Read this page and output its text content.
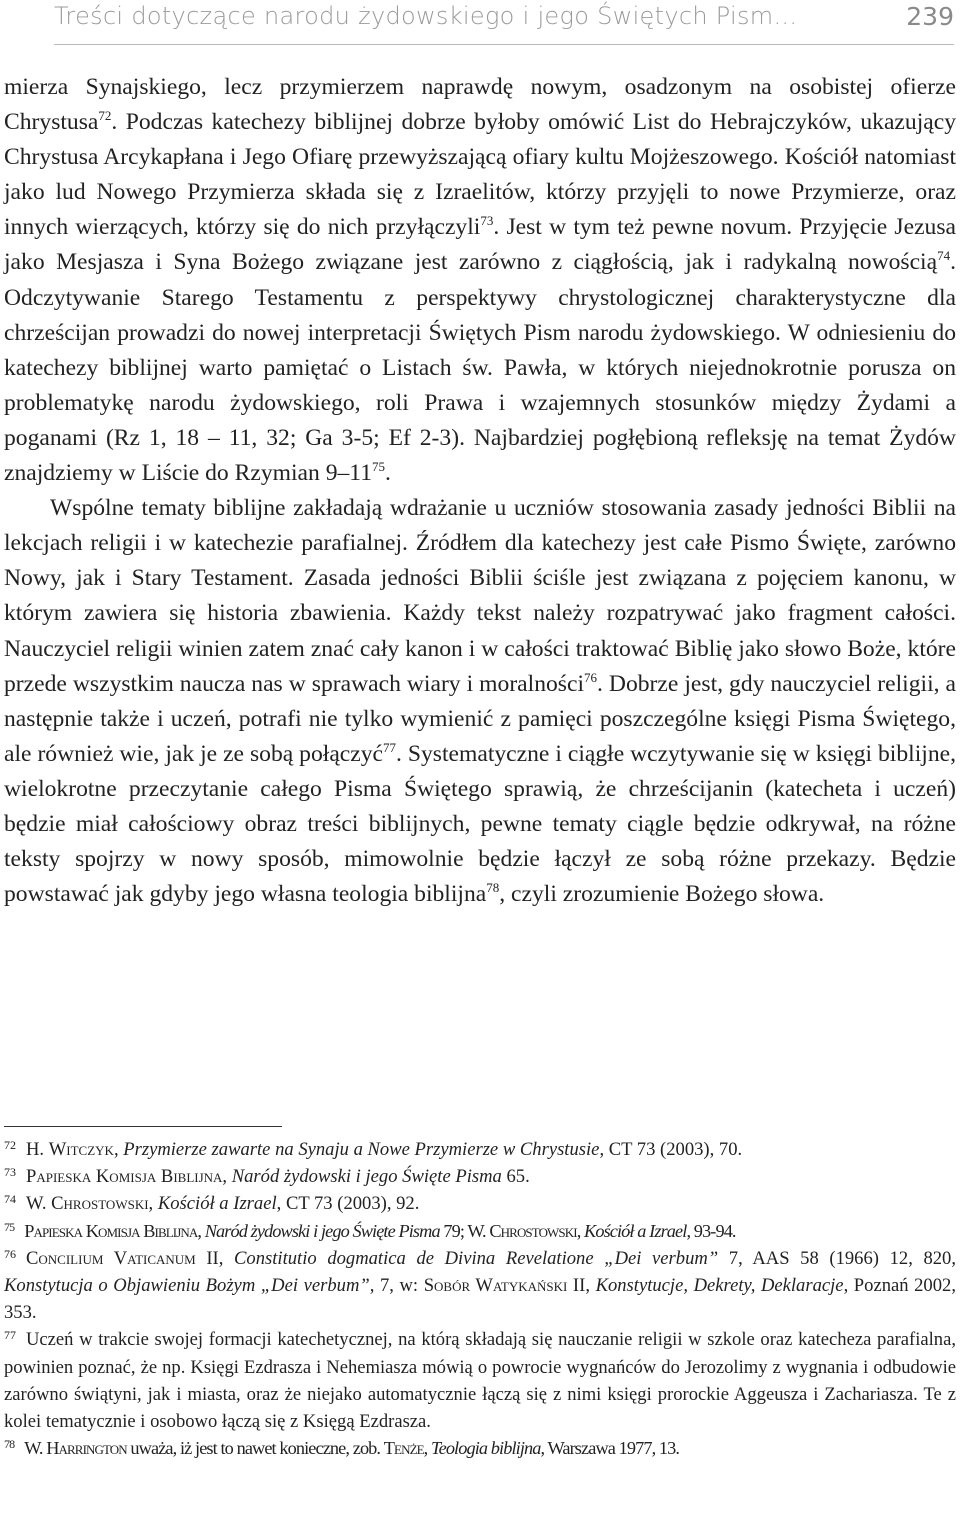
Treści dotyczące narodu żydowskiego i jego Świętych Pism...	239

mierza Synajskiego, lecz przymierzem naprawdę nowym, osadzonym na osobistej ofierze Chrystusa$^{72}$. Podczas katechezy biblijnej dobrze byłoby omówić List do Hebrajczyków, ukazujący Chrystusa Arcykapłana i Jego Ofiarę przewyższającą ofiary kultu Mojżeszowego. Kościół natomiast jako lud Nowego Przymierza składa się z Izraelitów, którzy przyjęli to nowe Przymierze, oraz innych wierzących, którzy się do nich przyłączyli$^{73}$. Jest w tym też pewne novum. Przyjęcie Jezusa jako Mesjasza i Syna Bożego związane jest zarówno z ciągłością, jak i radykalną nowością$^{74}$. Odczytywanie Starego Testamentu z perspektywy chrystologicznej charakterystyczne dla chrześcijan prowadzi do nowej interpretacji Świętych Pism narodu żydowskiego. W odniesieniu do katechezy biblijnej warto pamiętać o Listach św. Pawła, w których niejednokrotnie porusza on problematykę narodu żydowskiego, roli Prawa i wzajemnych stosunków między Żydami a poganami (Rz 1, 18 – 11, 32; Ga 3-5; Ef 2-3). Najbardziej pogłębioną refleksję na temat Żydów znajdziemy w Liście do Rzymian $9-11^{75}$.

Wspólne tematy biblijne zakładają wdrażanie u uczniów stosowania zasady jedności Biblii na lekcjach religii i w katechezie parafialnej. Źródłem dla katechezy jest całe Pismo Święte, zarówno Nowy, jak i Stary Testament. Zasada jedności Biblii ściśle jest związana z pojęciem kanonu, w którym zawiera się historia zbawienia. Każdy tekst należy rozpatrywać jako fragment całości. Nauczyciel religii winien zatem znać cały kanon i w całości traktować Biblię jako słowo Boże, które przede wszystkim naucza nas w sprawach wiary i moralności$^{76}$. Dobrze jest, gdy nauczyciel religii, a następnie także i uczeń, potrafi nie tylko wymienić z pamięci poszczególne księgi Pisma Świętego, ale również wie, jak je ze sobą połączyć$^{77}$. Systematyczne i ciągłe wczytywanie się w księgi biblijne, wielokrotne przeczytanie całego Pisma Świętego sprawią, że chrześcijanin (katecheta i uczeń) będzie miał całościowy obraz treści biblijnych, pewne tematy ciągle będzie odkrywał, na różne teksty spojrzy w nowy sposób, mimowolnie będzie łączył ze sobą różne przekazy. Będzie powstawać jak gdyby jego własna teologia biblijna$^{78}$, czyli zrozumienie Bożego słowa.

$^{72}$ H. Witczyk, Przymierze zawarte na Synaju a Nowe Przymierze w Chrystusie, CT 73 (2003), 70.

$^{73}$ Papieska Komisja Biblijna, Naród żydowski i jego Święte Pisma 65.

$^{74}$ W. Chrostowski, Kościół a Izrael, CT 73 (2003), 92.

$^{75}$ Papieska Komisja Biblijna, Naród żydowski i jego Święte Pisma 79; W. Chrostowski, Kościół a Izrael, 93-94.

$^{76}$ Concilium Vaticanum II, Constitutio dogmatica de Divina Revelatione „Dei verbum” 7, AAS 58 (1966) 12, 820, Konstytucja o Objawieniu Bożym „Dei verbum”, 7, w: Sobór Watykański II, Konstytucje, Dekrety, Deklaracje, Poznań 2002, 353.

$^{77}$ Uczeń w trakcie swojej formacji katechetycznej, na którą składają się nauczanie religii w szkole oraz katecheza parafialna, powinien poznać, że np. Księgi Ezdrasza i Nehemiasza mówią o powrocie wygnańców do Jerozolimy z wygnania i odbudowie zarówno świątyni, jak i miasta, oraz że niejako automatycznie łączą się z nimi księgi prorockie Aggeusza i Zachariasza. Te z kolei tematycznie i osobowo łączą się z Księgą Ezdrasza.

$^{78}$ W. Harrington uważa, iż jest to nawet konieczne, zob. Tenże, Teologia biblijna, Warszawa 1977, 13.
